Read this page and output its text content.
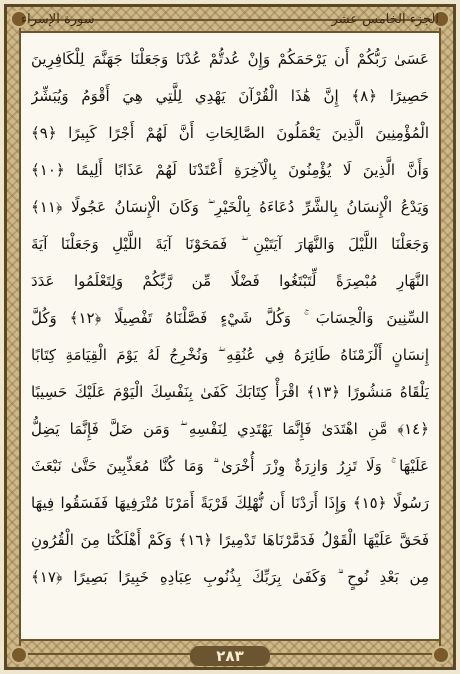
الجزء الخامس عشر
سورة الإسراء
عَسَىٰ رَبُّكُمْ أَن يَرْحَمَكُمْ وَإِنْ عُدتُّمْ عُدْنَا وَجَعَلْنَا جَهَنَّمَ لِلْكَافِرِينَ
حَصِيرًا ﴿٨﴾ إِنَّ هَٰذَا الْقُرْآنَ يَهْدِي لِلَّتِي هِيَ أَقْوَمُ وَيُبَشِّرُ
الْمُؤْمِنِينَ الَّذِينَ يَعْمَلُونَ الصَّالِحَاتِ أَنَّ لَهُمْ أَجْرًا كَبِيرًا ﴿٩﴾
وَأَنَّ الَّذِينَ لَا يُؤْمِنُونَ بِالْآخِرَةِ أَعْتَدْنَا لَهُمْ عَذَابًا أَلِيمًا ﴿١٠﴾
وَيَدْعُ الْإِنسَانُ بِالشَّرِّ دُعَاءَهُ بِالْخَيْرِ ۖ وَكَانَ الْإِنسَانُ عَجُولًا ﴿١١﴾
وَجَعَلْنَا اللَّيْلَ وَالنَّهَارَ آيَتَيْنِ ۖ فَمَحَوْنَا آيَةَ اللَّيْلِ وَجَعَلْنَا آيَةَ
النَّهَارِ مُبْصِرَةً لِّتَبْتَغُوا فَضْلًا مِّن رَّبِّكُمْ وَلِتَعْلَمُوا عَدَدَ
السِّنِينَ وَالْحِسَابَ ۚ وَكُلَّ شَيْءٍ فَصَّلْنَاهُ تَفْصِيلًا ﴿١٢﴾ وَكُلَّ
إِنسَانٍ أَلْزَمْنَاهُ طَائِرَهُ فِي عُنُقِهِ ۖ وَنُخْرِجُ لَهُ يَوْمَ الْقِيَامَةِ كِتَابًا
يَلْقَاهُ مَنشُورًا ﴿١٣﴾ اقْرَأْ كِتَابَكَ كَفَىٰ بِنَفْسِكَ الْيَوْمَ عَلَيْكَ حَسِيبًا
﴿١٤﴾ مَّنِ اهْتَدَىٰ فَإِنَّمَا يَهْتَدِي لِنَفْسِهِ ۖ وَمَن ضَلَّ فَإِنَّمَا يَضِلُّ
عَلَيْهَا ۚ وَلَا تَزِرُ وَازِرَةٌ وِزْرَ أُخْرَىٰ ۗ وَمَا كُنَّا مُعَذِّبِينَ حَتَّىٰ نَبْعَثَ
رَسُولًا ﴿١٥﴾ وَإِذَا أَرَدْنَا أَن نُّهْلِكَ قَرْيَةً أَمَرْنَا مُتْرَفِيهَا فَفَسَقُوا فِيهَا
فَحَقَّ عَلَيْهَا الْقَوْلُ فَدَمَّرْنَاهَا تَدْمِيرًا ﴿١٦﴾ وَكَمْ أَهْلَكْنَا مِنَ الْقُرُونِ
مِن بَعْدِ نُوحٍ ۗ وَكَفَىٰ بِرَبِّكَ بِذُنُوبِ عِبَادِهِ خَبِيرًا بَصِيرًا ﴿١٧﴾
٢٨٣
